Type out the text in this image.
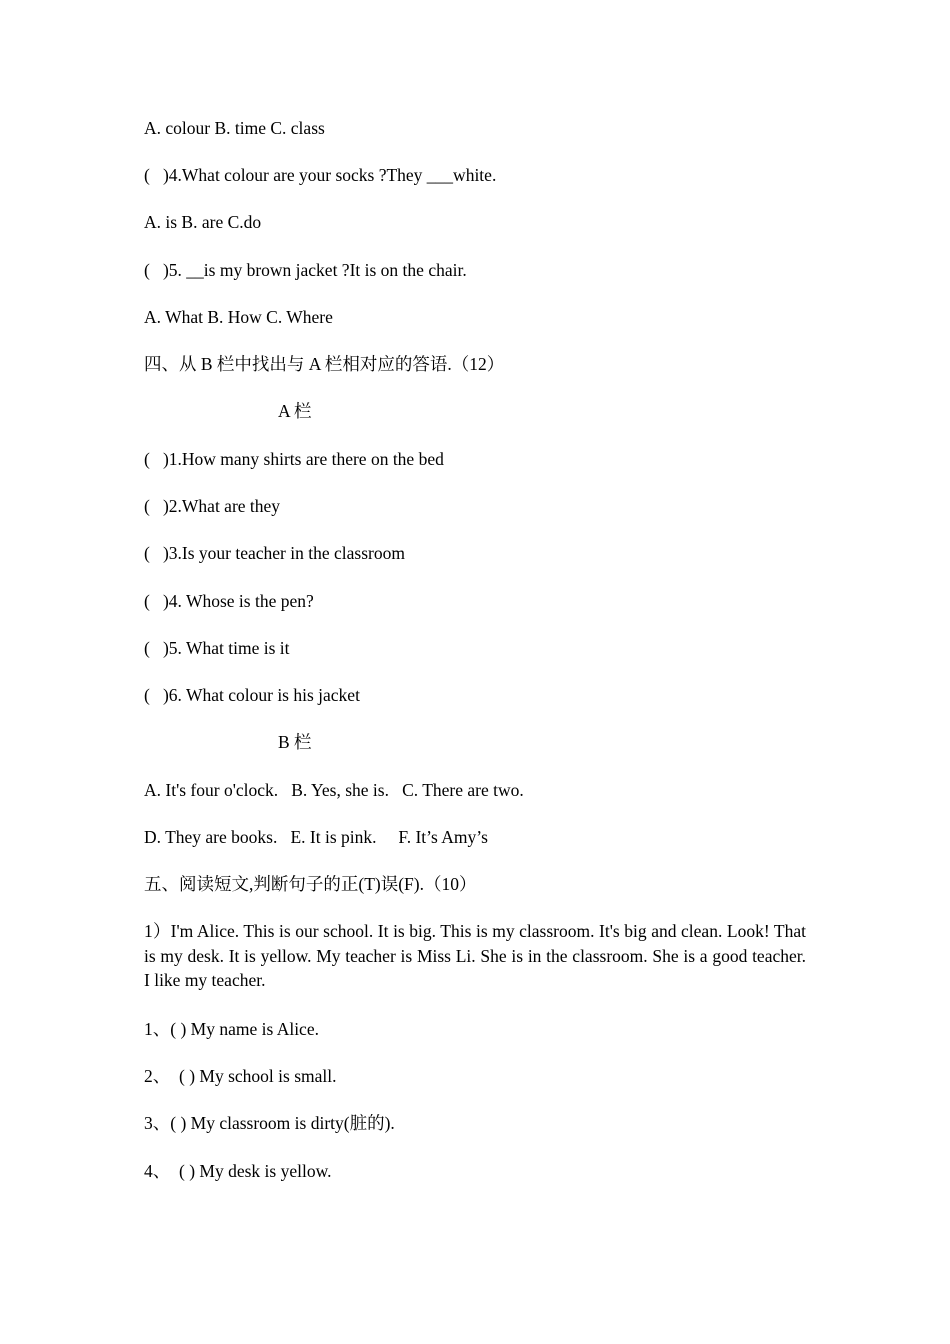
A. colour B. time C. class

(   )4.What colour are your socks ?They ___white.

A. is B. are C.do

(   )5. __is my brown jacket ?It is on the chair.

A. What B. How C. Where

四、从 B 栏中找出与 A 栏相对应的答语.（12）

A 栏

(   )1.How many shirts are there on the bed

(   )2.What are they

(   )3.Is your teacher in the classroom

(   )4. Whose is the pen?

(   )5. What time is it

(   )6. What colour is his jacket

B 栏

A. It's four o'clock.   B. Yes, she is.   C. There are two.

D. They are books.   E. It is pink.     F. It’s Amy’s

五、阅读短文,判断句子的正(T)误(F).（10）

1）I'm Alice. This is our school. It is big. This is my classroom. It's big and clean. Look! That is my desk. It is yellow. My teacher is Miss Li. She is in the classroom. She is a good teacher. I like my teacher.

1、( ) My name is Alice.

2、  ( ) My school is small.

3、( ) My classroom is dirty(脏的).

4、  ( ) My desk is yellow.
